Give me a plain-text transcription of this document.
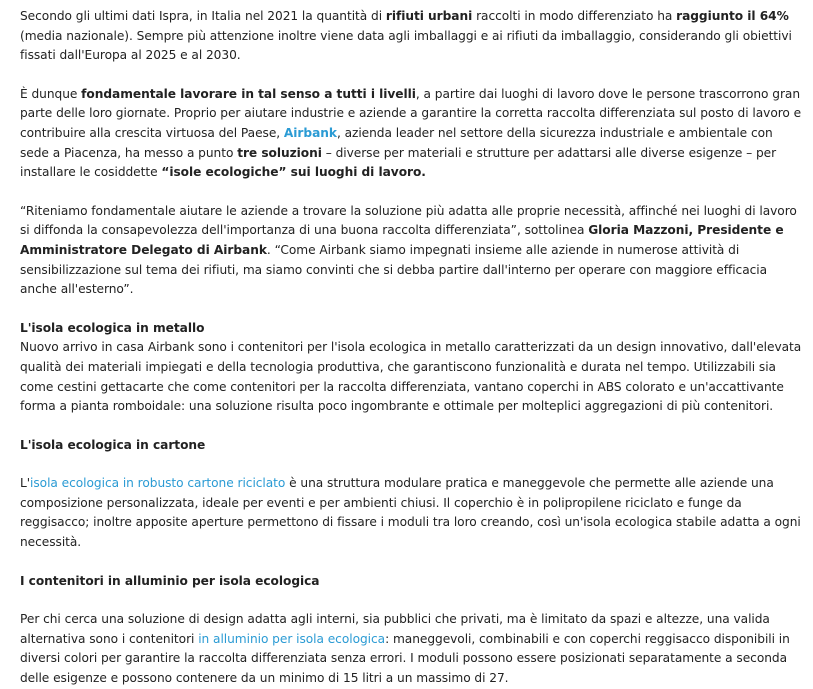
Secondo gli ultimi dati Ispra, in Italia nel 2021 la quantità di rifiuti urbani raccolti in modo differenziato ha raggiunto il 64% (media nazionale). Sempre più attenzione inoltre viene data agli imballaggi e ai rifiuti da imballaggio, considerando gli obiettivi fissati dall'Europa al 2025 e al 2030.

È dunque fondamentale lavorare in tal senso a tutti i livelli, a partire dai luoghi di lavoro dove le persone trascorrono gran parte delle loro giornate. Proprio per aiutare industrie e aziende a garantire la corretta raccolta differenziata sul posto di lavoro e contribuire alla crescita virtuosa del Paese, Airbank, azienda leader nel settore della sicurezza industriale e ambientale con sede a Piacenza, ha messo a punto tre soluzioni – diverse per materiali e strutture per adattarsi alle diverse esigenze – per installare le cosiddette “isole ecologiche” sui luoghi di lavoro.

“Riteniamo fondamentale aiutare le aziende a trovare la soluzione più adatta alle proprie necessità, affinché nei luoghi di lavoro si diffonda la consapevolezza dell'importanza di una buona raccolta differenziata”, sottolinea Gloria Mazzoni, Presidente e Amministratore Delegato di Airbank. “Come Airbank siamo impegnati insieme alle aziende in numerose attività di sensibilizzazione sul tema dei rifiuti, ma siamo convinti che si debba partire dall'interno per operare con maggiore efficacia anche all'esterno”.

L'isola ecologica in metallo

Nuovo arrivo in casa Airbank sono i contenitori per l'isola ecologica in metallo caratterizzati da un design innovativo, dall'elevata qualità dei materiali impiegati e della tecnologia produttiva, che garantiscono funzionalità e durata nel tempo. Utilizzabili sia come cestini gettacarte che come contenitori per la raccolta differenziata, vantano coperchi in ABS colorato e un'accattivante forma a pianta romboidale: una soluzione risulta poco ingombrante e ottimale per molteplici aggregazioni di più contenitori.

L'isola ecologica in cartone

L'isola ecologica in robusto cartone riciclato è una struttura modulare pratica e maneggevole che permette alle aziende una composizione personalizzata, ideale per eventi e per ambienti chiusi. Il coperchio è in polipropilene riciclato e funge da reggisacco; inoltre apposite aperture permettono di fissare i moduli tra loro creando, così un'isola ecologica stabile adatta a ogni necessità.

I contenitori in alluminio per isola ecologica

Per chi cerca una soluzione di design adatta agli interni, sia pubblici che privati, ma è limitato da spazi e altezze, una valida alternativa sono i contenitori in alluminio per isola ecologica: maneggevoli, combinabili e con coperchi reggisacco disponibili in diversi colori per garantire la raccolta differenziata senza errori. I moduli possono essere posizionati separatamente a seconda delle esigenze e possono contenere da un minimo di 15 litri a un massimo di 27.
